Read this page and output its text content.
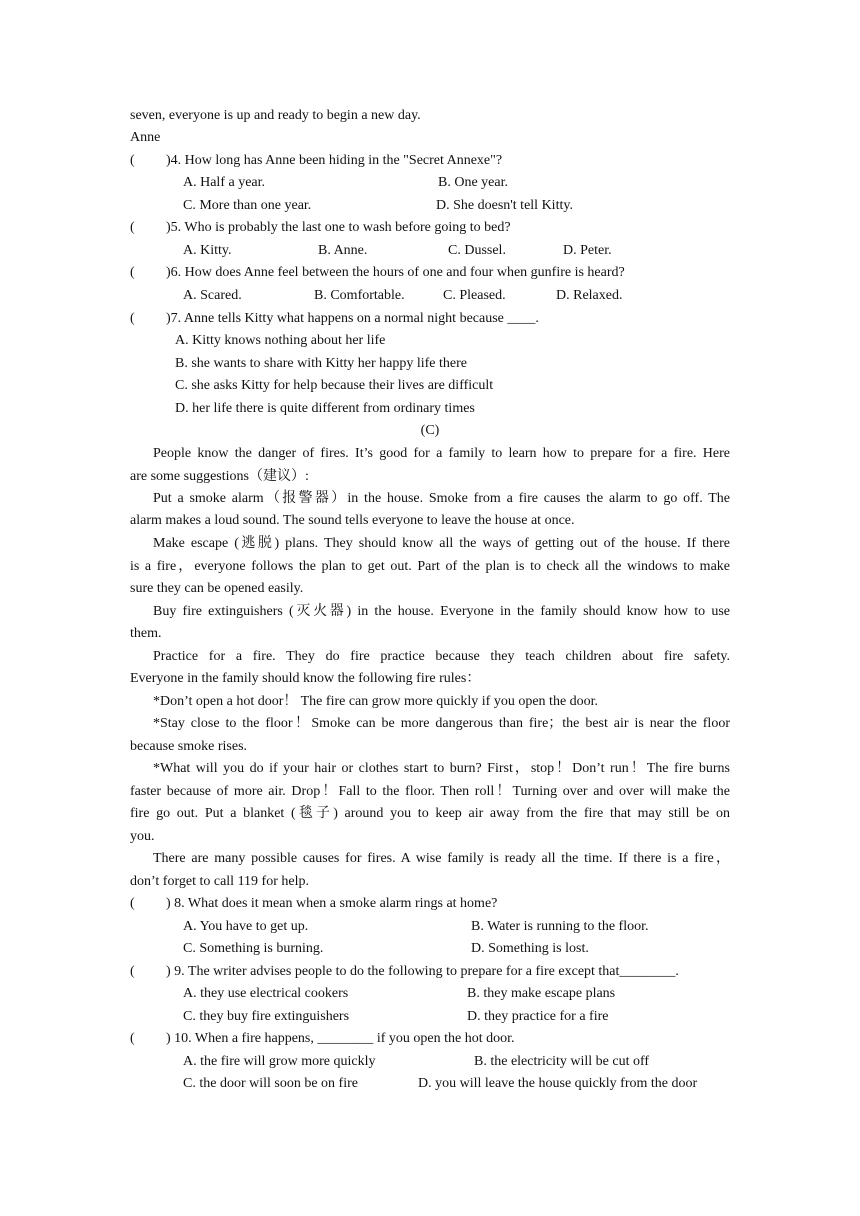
seven, everyone is up and ready to begin a new day.
Anne
( )4. How long has Anne been hiding in the "Secret Annexe"?
A. Half a year.	B. One year.
C. More than one year.	D. She doesn't tell Kitty.
( )5. Who is probably the last one to wash before going to bed?
A. Kitty.	B. Anne.	C. Dussel.	D. Peter.
( )6. How does Anne feel between the hours of one and four when gunfire is heard?
A. Scared.	B. Comfortable.	C. Pleased.	D. Relaxed.
( )7. Anne tells Kitty what happens on a normal night because ____.
A. Kitty knows nothing about her life
B. she wants to share with Kitty her happy life there
C. she asks Kitty for help because their lives are difficult
D. her life there is quite different from ordinary times
(C)
People know the danger of fires. It’s good for a family to learn how to prepare for a fire. Here
are some suggestions（建议）:
Put a smoke alarm（报警器）in the house. Smoke from a fire causes the alarm to go off. The
alarm makes a loud sound. The sound tells everyone to leave the house at once.
Make escape (逃脱) plans. They should know all the ways of getting out of the house. If there
is a fire，everyone follows the plan to get out. Part of the plan is to check all the windows to make
sure they can be opened easily.
Buy fire extinguishers (灭火器) in the house. Everyone in the family should know how to use
them.
Practice for a fire. They do fire practice because they teach children about fire safety.
Everyone in the family should know the following fire rules：
*Don’t open a hot door！ The fire can grow more quickly if you open the door.
*Stay close to the floor！Smoke can be more dangerous than fire；the best air is near the floor
because smoke rises.
*What will you do if your hair or clothes start to burn? First，stop！Don’t run！The fire burns
faster because of more air. Drop！Fall to the floor. Then roll！Turning over and over will make the
fire go out. Put a blanket (毯子) around you to keep air away from the fire that may still be on
you.
There are many possible causes for fires. A wise family is ready all the time. If there is a fire，
don’t forget to call 119 for help.
( ) 8. What does it mean when a smoke alarm rings at home?
A. You have to get up.	B. Water is running to the floor.
C. Something is burning.	D. Something is lost.
( ) 9. The writer advises people to do the following to prepare for a fire except that________.
A. they use electrical cookers	B. they make escape plans
C. they buy fire extinguishers	D. they practice for a fire
( ) 10. When a fire happens, ________ if you open the hot door.
A. the fire will grow more quickly	B. the electricity will be cut off
C. the door will soon be on fire	D. you will leave the house quickly from the door
